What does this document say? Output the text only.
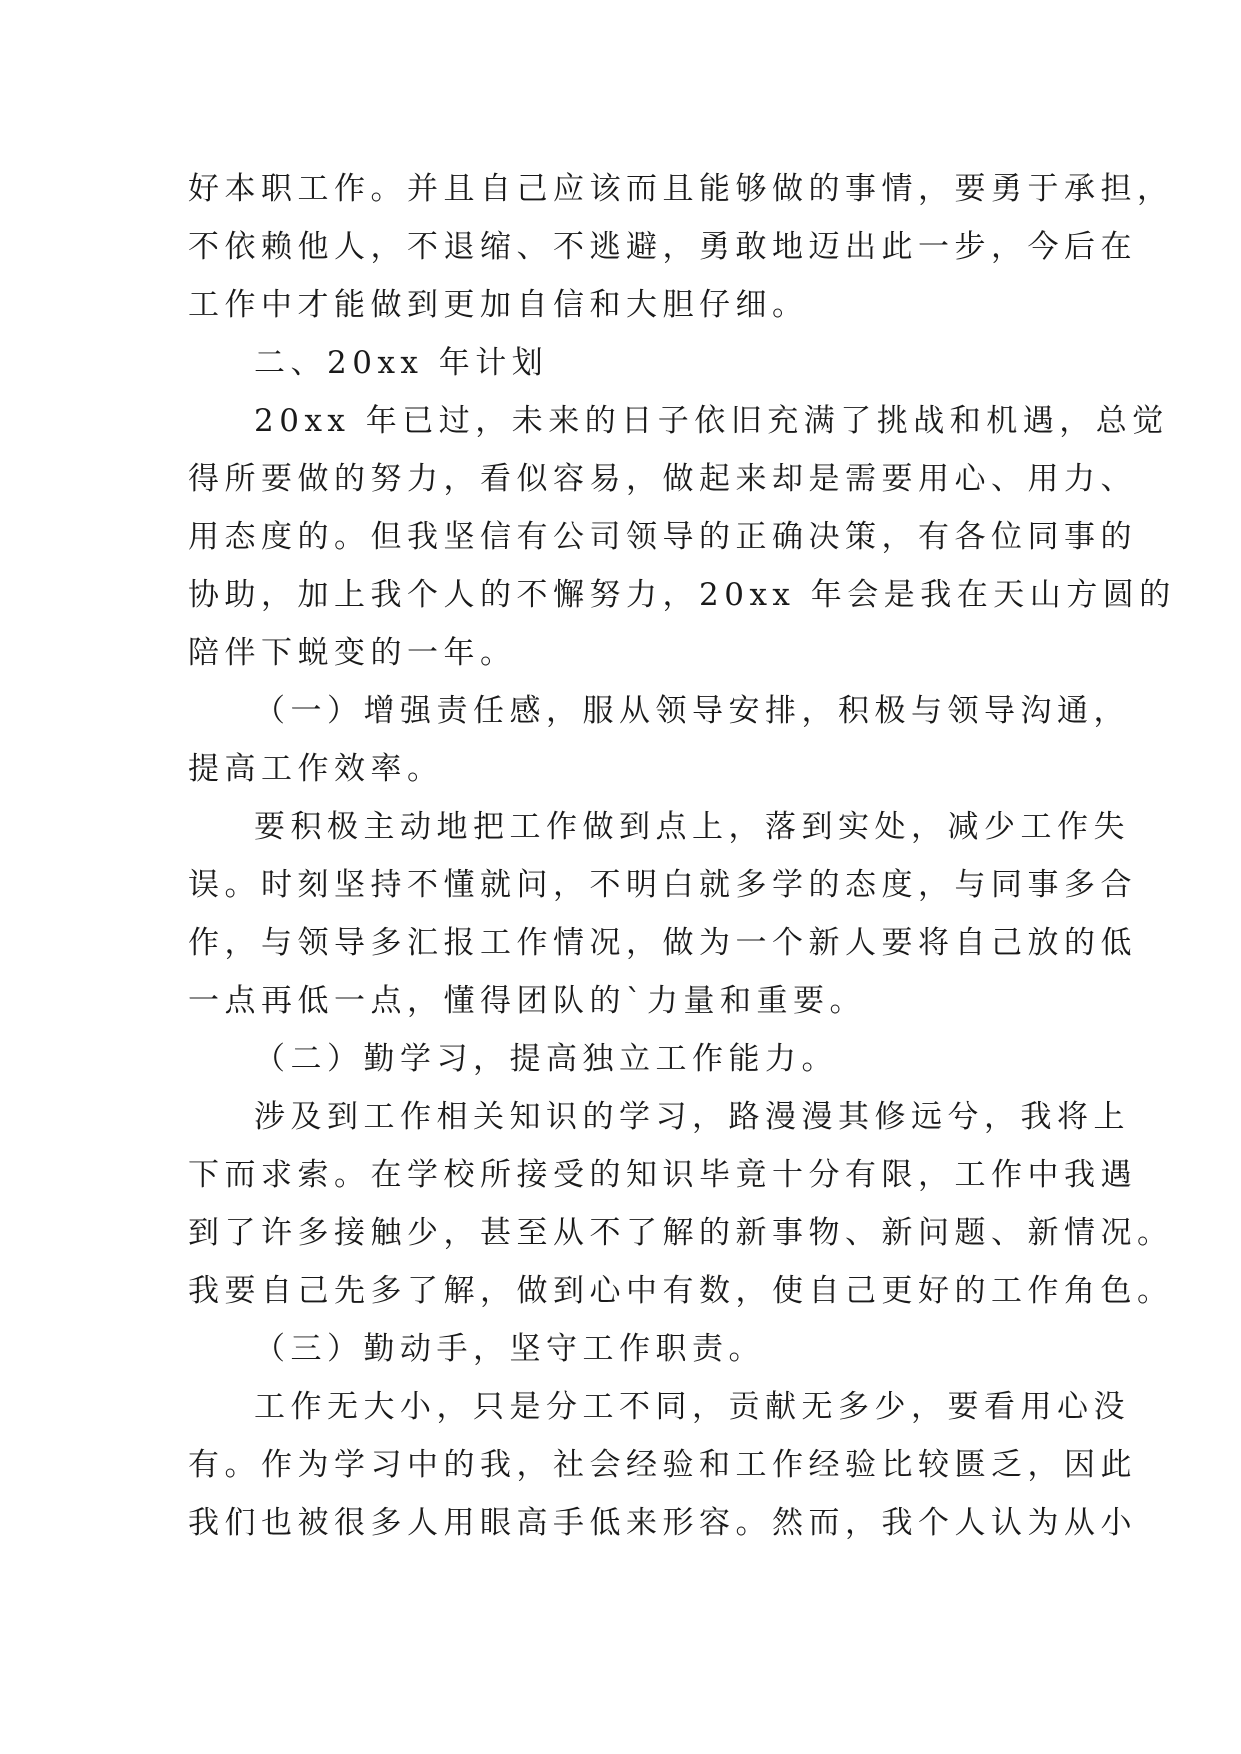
好本职工作。并且自己应该而且能够做的事情，要勇于承担，
不依赖他人，不退缩、不逃避，勇敢地迈出此一步，今后在
工作中才能做到更加自信和大胆仔细。
二、20xx 年计划
20xx 年已过，未来的日子依旧充满了挑战和机遇，总觉
得所要做的努力，看似容易，做起来却是需要用心、用力、
用态度的。但我坚信有公司领导的正确决策，有各位同事的
协助，加上我个人的不懈努力，20xx 年会是我在天山方圆的
陪伴下蜕变的一年。
（一）增强责任感，服从领导安排，积极与领导沟通，
提高工作效率。
要积极主动地把工作做到点上，落到实处，减少工作失
误。时刻坚持不懂就问，不明白就多学的态度，与同事多合
作，与领导多汇报工作情况，做为一个新人要将自己放的低
一点再低一点，懂得团队的`力量和重要。
（二）勤学习，提高独立工作能力。
涉及到工作相关知识的学习，路漫漫其修远兮，我将上
下而求索。在学校所接受的知识毕竟十分有限，工作中我遇
到了许多接触少，甚至从不了解的新事物、新问题、新情况。
我要自己先多了解，做到心中有数，使自己更好的工作角色。
（三）勤动手，坚守工作职责。
工作无大小，只是分工不同，贡献无多少，要看用心没
有。作为学习中的我，社会经验和工作经验比较匮乏，因此
我们也被很多人用眼高手低来形容。然而，我个人认为从小
